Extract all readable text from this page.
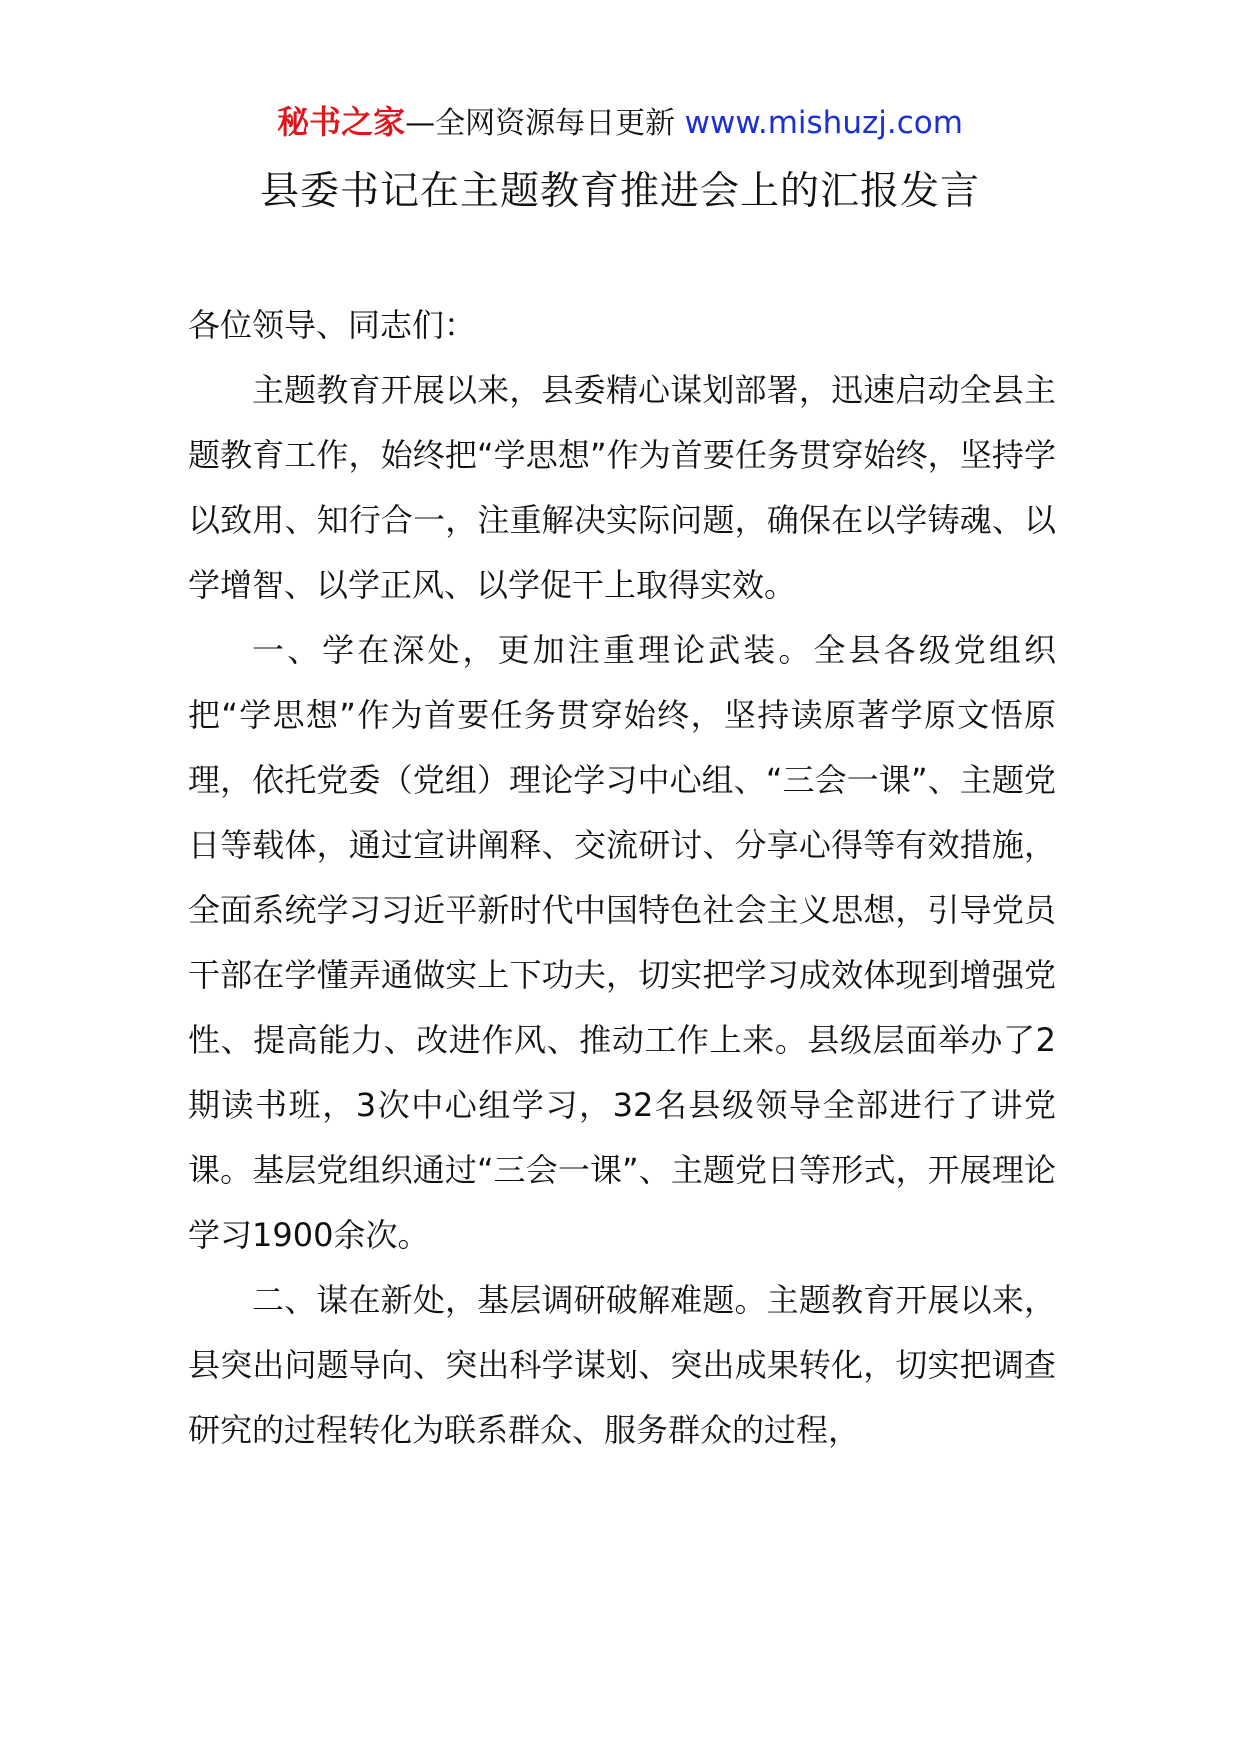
秘书之家—全网资源每日更新 www.mishuzj.com
县委书记在主题教育推进会上的汇报发言

各位领导、同志们：

主题教育开展以来，县委精心谋划部署，迅速启动全县主题教育工作，始终把“学思想”作为首要任务贯穿始终，坚持学以致用、知行合一，注重解决实际问题，确保在以学铸魂、以学增智、以学正风、以学促干上取得实效。

一、学在深处，更加注重理论武装。全县各级党组织把“学思想”作为首要任务贯穿始终，坚持读原著学原文悟原理，依托党委（党组）理论学习中心组、“三会一课”、主题党日等载体，通过宣讲阐释、交流研讨、分享心得等有效措施，全面系统学习习近平新时代中国特色社会主义思想，引导党员干部在学懂弄通做实上下功夫，切实把学习成效体现到增强党性、提高能力、改进作风、推动工作上来。县级层面举办了2期读书班，3次中心组学习，32名县级领导全部进行了讲党课。基层党组织通过“三会一课”、主题党日等形式，开展理论学习1900余次。

二、谋在新处，基层调研破解难题。主题教育开展以来，县突出问题导向、突出科学谋划、突出成果转化，切实把调查研究的过程转化为联系群众、服务群众的过程，
